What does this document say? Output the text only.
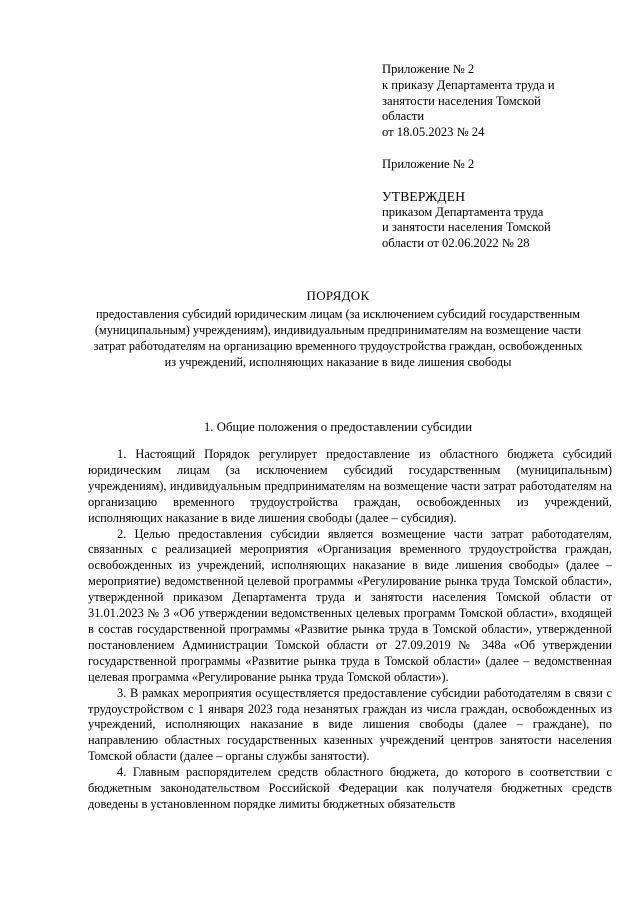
Приложение № 2

к приказу Департамента труда и

занятости населения Томской

области

от 18.05.2023 № 24

Приложение № 2

УТВЕРЖДЕН

приказом Департамента труда

и занятости населения Томской

области от 02.06.2022 № 28

ПОРЯДОК

предоставления субсидий юридическим лицам (за исключением субсидий государственным (муниципальным) учреждениям), индивидуальным предпринимателям на возмещение части затрат работодателям на организацию временного трудоустройства граждан, освобожденных из учреждений, исполняющих наказание в виде лишения свободы

1. Общие положения о предоставлении субсидии

1. Настоящий Порядок регулирует предоставление из областного бюджета субсидий юридическим лицам (за исключением субсидий государственным (муниципальным) учреждениям), индивидуальным предпринимателям на возмещение части затрат работодателям на организацию временного трудоустройства граждан, освобожденных из учреждений, исполняющих наказание в виде лишения свободы (далее – субсидия).

2. Целью предоставления субсидии является возмещение части затрат работодателям, связанных с реализацией мероприятия «Организация временного трудоустройства граждан, освобожденных из учреждений, исполняющих наказание в виде лишения свободы» (далее – мероприятие) ведомственной целевой программы «Регулирование рынка труда Томской области», утвержденной приказом Департамента труда и занятости населения Томской области от 31.01.2023 № 3 «Об утверждении ведомственных целевых программ Томской области», входящей в состав государственной программы «Развитие рынка труда в Томской области», утвержденной постановлением Администрации Томской области от 27.09.2019 № 348а «Об утверждении государственной программы «Развитие рынка труда в Томской области» (далее – ведомственная целевая программа «Регулирование рынка труда Томской области»).

3. В рамках мероприятия осуществляется предоставление субсидии работодателям в связи с трудоустройством с 1 января 2023 года незанятых граждан из числа граждан, освобожденных из учреждений, исполняющих наказание в виде лишения свободы (далее – граждане), по направлению областных государственных казенных учреждений центров занятости населения Томской области (далее – органы службы занятости).

4. Главным распорядителем средств областного бюджета, до которого в соответствии с бюджетным законодательством Российской Федерации как получателя бюджетных средств доведены в установленном порядке лимиты бюджетных обязательств
